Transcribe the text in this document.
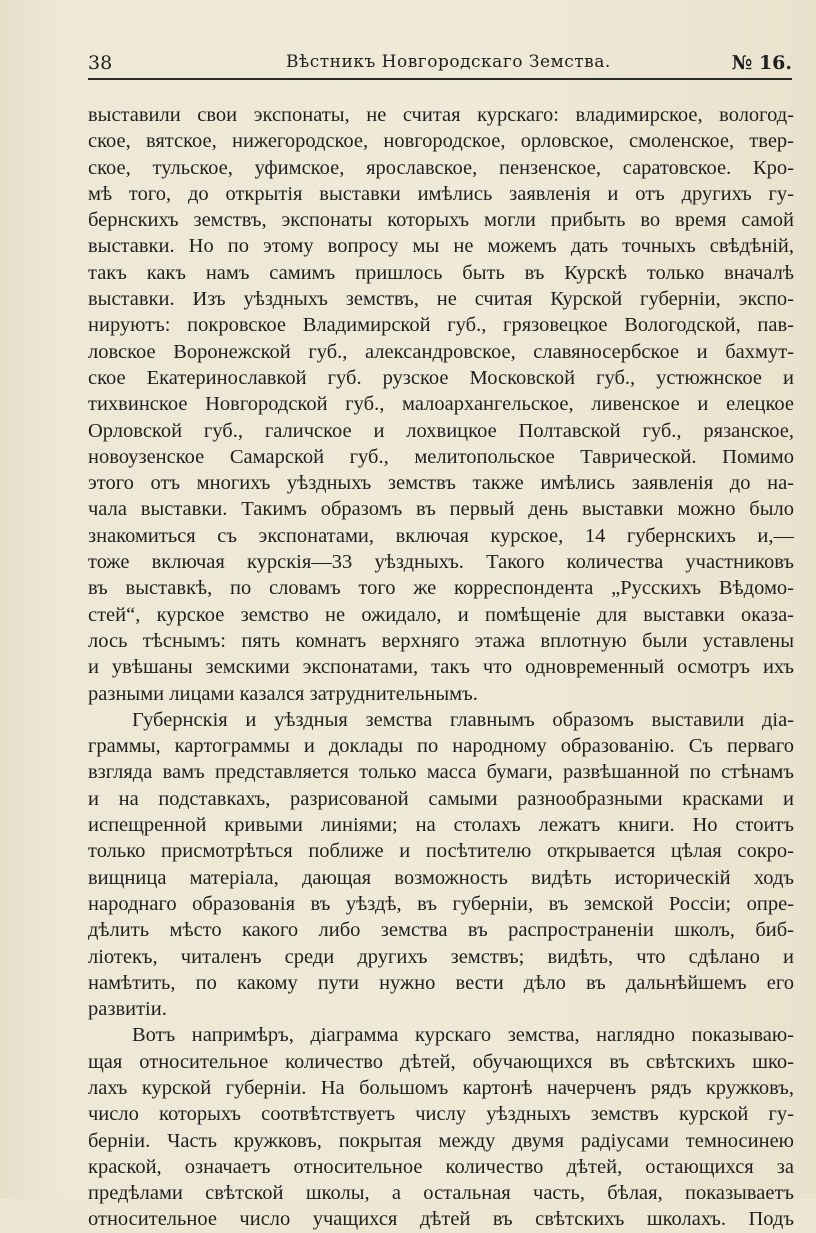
38	Вѣстникъ Новгородскаго Земства.	№ 16.
выставили свои экспонаты, не считая курскаго: владимирское, вологод-
ское, вятское, нижегородское, новгородское, орловское, смоленское, твер-
ское, тульское, уфимское, ярославское, пензенское, саратовское. Кро-
мѣ того, до открытія выставки имѣлись заявленія и отъ другихъ гу-
бернскихъ земствъ, экспонаты которыхъ могли прибыть во время самой
выставки. Но по этому вопросу мы не можемъ дать точныхъ свѣдѣній,
такъ какъ намъ самимъ пришлось быть въ Курскѣ только вначалѣ
выставки. Изъ уѣздныхъ земствъ, не считая Курской губерніи, экспо-
нируютъ: покровское Владимирской губ., грязовецкое Вологодской, пав-
ловское Воронежской губ., александровское, славяносербское и бахмут-
ское Екатеринославкой губ. рузское Московской губ., устюжнское и
тихвинское Новгородской губ., малоархангельское, ливенское и елецкое
Орловской губ., галичское и лохвицкое Полтавской губ., рязанское,
новоузенское Самарской губ., мелитопольское Таврической. Помимо
этого отъ многихъ уѣздныхъ земствъ также имѣлись заявленія до на-
чала выставки. Такимъ образомъ въ первый день выставки можно было
знакомиться съ экспонатами, включая курское, 14 губернскихъ и,—
тоже включая курскія—33 уѣздныхъ. Такого количества участниковъ
въ выставкѣ, по словамъ того же корреспондента „Русскихъ Вѣдомо-
стей“, курское земство не ожидало, и помѣщеніе для выставки оказа-
лось тѣснымъ: пять комнатъ верхняго этажа вплотную были уставлены
и увѣшаны земскими экспонатами, такъ что одновременный осмотръ ихъ
разными лицами казался затруднительнымъ.
Губернскія и уѣздныя земства главнымъ образомъ выставили діа-
граммы, картограммы и доклады по народному образованію. Съ перваго
взгляда вамъ представляется только масса бумаги, развѣшанной по стѣнамъ
и на подставкахъ, разрисованой самыми разнообразными красками и
испещренной кривыми линіями; на столахъ лежатъ книги. Но стоитъ
только присмотрѣться поближе и посѣтителю открывается цѣлая сокро-
вищница матеріала, дающая возможность видѣть историческій ходъ
народнаго образованія въ уѣздѣ, въ губерніи, въ земской Россіи; опре-
дѣлить мѣсто какого либо земства въ распространеніи школъ, биб-
ліотекъ, читаленъ среди другихъ земствъ; видѣть, что сдѣлано и
намѣтить, по какому пути нужно вести дѣло въ дальнѣйшемъ его
развитіи.
Вотъ напримѣръ, діаграмма курскаго земства, наглядно показываю-
щая относительное количество дѣтей, обучающихся въ свѣтскихъ шко-
лахъ курской губерніи. На большомъ картонѣ начерченъ рядъ кружковъ,
число которыхъ соотвѣтствуетъ числу уѣздныхъ земствъ курской гу-
берніи. Часть кружковъ, покрытая между двумя радіусами темносинею
краской, означаетъ относительное количество дѣтей, остающихся за
предѣлами свѣтской школы, а остальная часть, бѣлая, показываетъ
относительное число учащихся дѣтей въ свѣтскихъ школахъ. Подъ
